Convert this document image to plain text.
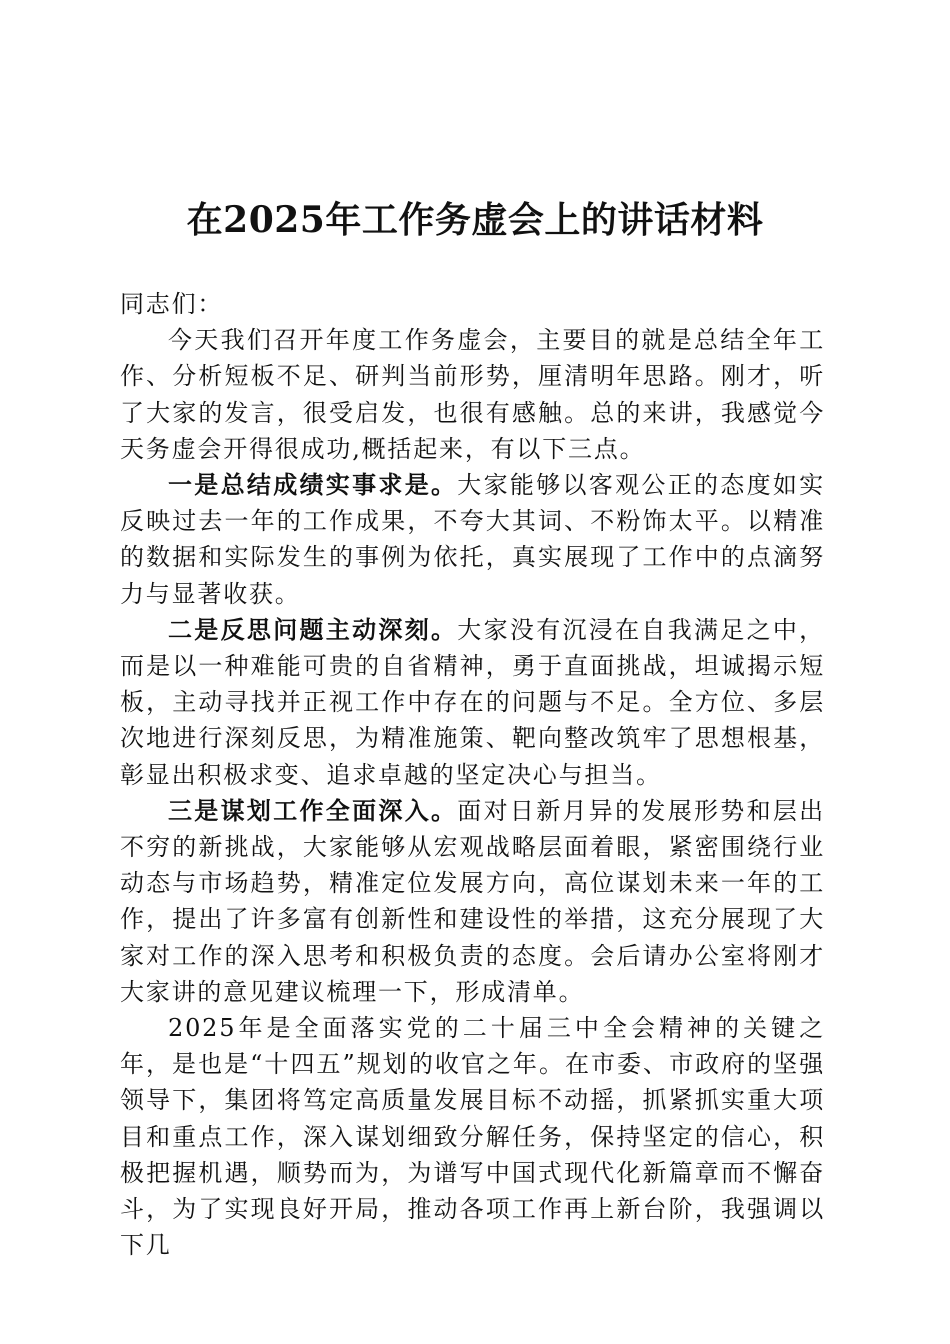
在2025年工作务虚会上的讲话材料

同志们：

今天我们召开年度工作务虚会，主要目的就是总结全年工作、分析短板不足、研判当前形势，厘清明年思路。刚才，听了大家的发言，很受启发，也很有感触。总的来讲，我感觉今天务虚会开得很成功,概括起来，有以下三点。

一是总结成绩实事求是。大家能够以客观公正的态度如实反映过去一年的工作成果，不夸大其词、不粉饰太平。以精准的数据和实际发生的事例为依托，真实展现了工作中的点滴努力与显著收获。

二是反思问题主动深刻。大家没有沉浸在自我满足之中，而是以一种难能可贵的自省精神，勇于直面挑战，坦诚揭示短板，主动寻找并正视工作中存在的问题与不足。全方位、多层次地进行深刻反思，为精准施策、靶向整改筑牢了思想根基，彰显出积极求变、追求卓越的坚定决心与担当。

三是谋划工作全面深入。面对日新月异的发展形势和层出不穷的新挑战，大家能够从宏观战略层面着眼，紧密围绕行业动态与市场趋势，精准定位发展方向，高位谋划未来一年的工作，提出了许多富有创新性和建设性的举措，这充分展现了大家对工作的深入思考和积极负责的态度。会后请办公室将刚才大家讲的意见建议梳理一下，形成清单。

2025年是全面落实党的二十届三中全会精神的关键之年，是也是“十四五”规划的收官之年。在市委、市政府的坚强领导下，集团将笃定高质量发展目标不动摇，抓紧抓实重大项目和重点工作，深入谋划细致分解任务，保持坚定的信心，积极把握机遇，顺势而为，为谱写中国式现代化新篇章而不懈奋斗，为了实现良好开局，推动各项工作再上新台阶，我强调以下几
